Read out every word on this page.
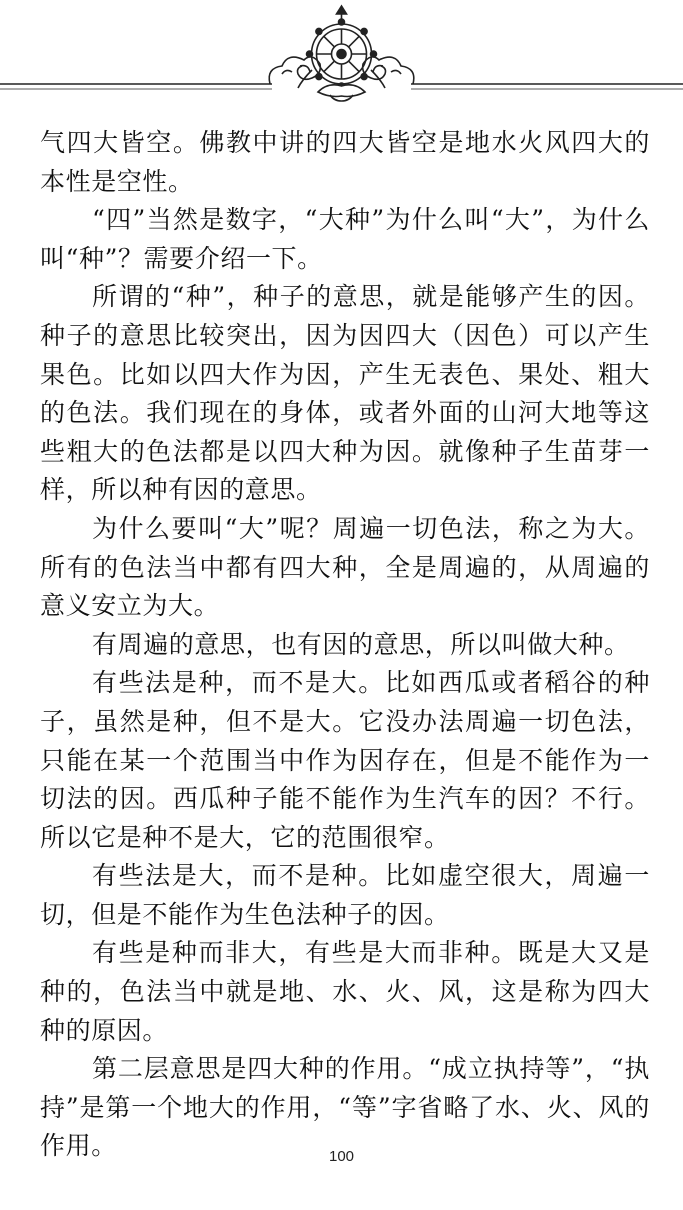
气四大皆空。佛教中讲的四大皆空是地水火风四大的本性是空性。

“四”当然是数字，“大种”为什么叫“大”，为什么叫“种”？需要介绍一下。

所谓的“种”，种子的意思，就是能够产生的因。种子的意思比较突出，因为因四大（因色）可以产生果色。比如以四大作为因，产生无表色、果处、粗大的色法。我们现在的身体，或者外面的山河大地等这些粗大的色法都是以四大种为因。就像种子生苗芽一样，所以种有因的意思。

为什么要叫“大”呢？周遍一切色法，称之为大。所有的色法当中都有四大种，全是周遍的，从周遍的意义安立为大。

有周遍的意思，也有因的意思，所以叫做大种。

有些法是种，而不是大。比如西瓜或者稻谷的种子，虽然是种，但不是大。它没办法周遍一切色法，只能在某一个范围当中作为因存在，但是不能作为一切法的因。西瓜种子能不能作为生汽车的因？不行。所以它是种不是大，它的范围很窄。

有些法是大，而不是种。比如虚空很大，周遍一切，但是不能作为生色法种子的因。

有些是种而非大，有些是大而非种。既是大又是种的，色法当中就是地、水、火、风，这是称为四大种的原因。

第二层意思是四大种的作用。“成立执持等”，“执持”是第一个地大的作用，“等”字省略了水、火、风的作用。	100
